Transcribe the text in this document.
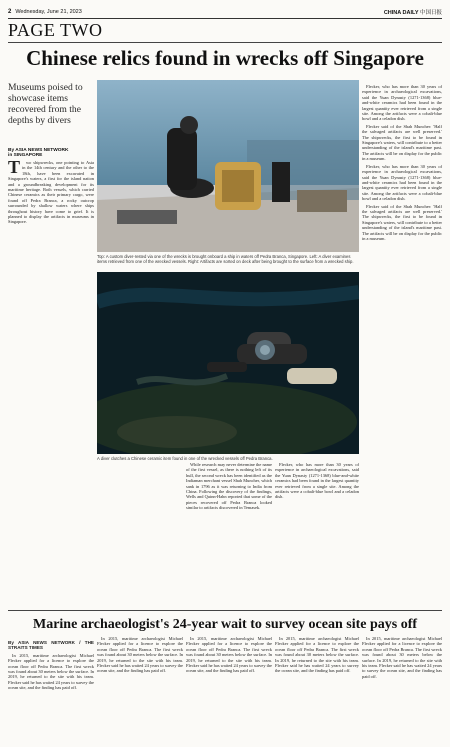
2 Wednesday, June 21, 2023	CHINA DAILY 中国日报
PAGE TWO
Chinese relics found in wrecks off Singapore
Museums poised to showcase items recovered from the depths by divers
By ASIA NEWS NETWORK
in SINGAPORE
T	wo shipwrecks, one pointing to Asia in the 14th century and the other to the 18th, have been excavated in Singapore's waters, a first for the island nation and a groundbreaking development for its maritime heritage. Both vessels, which carried Chinese ceramics as their primary cargo, were found off Pedra Branca, a rocky outcrop surrounded by shallow waters where ships throughout history have come to grief. It is planned to display the artifacts in museums in Singapore.

While research may never determine the name of the first vessel, as there is nothing left of its hull, the second wreck has been identified as the Indiaman merchant vessel Shah Muncher, which sank in 1796 as it was returning to India from China. Following the discovery of the findings, Wells and Quinn-Hahn reported that some of the pieces recovered off Pedra Branca looked similar to artifacts discovered in Temasek.

Flecker, who has more than 30 years of experience in archaeological excavations, said the Yuan Dynasty (1271-1368) blue-and-white ceramics had been found in the largest quantity ever retrieved from a single site. Among the artifacts were a cobalt-blue bowl and a celadon dish.

Flecker, who has more than 30 years of experience in archaeological excavations, said the Yuan Dynasty (1271-1368) blue-and-white ceramics had been found in the largest quantity ever retrieved from a single site. Among the artifacts were a cobalt-blue bowl and a celadon dish.

Flecker said of the Shah Muncher: 'Half the salvaged artifacts are well preserved.' The shipwrecks, the first to be found in Singapore's waters, will contribute to a better understanding of the island's maritime past. The artifacts will be on display for the public in a museum.

Flecker, who has more than 30 years of experience in archaeological excavations, said the Yuan Dynasty (1271-1368) blue-and-white ceramics had been found in the largest quantity ever retrieved from a single site. Among the artifacts were a cobalt-blue bowl and a celadon dish.

Flecker said of the Shah Muncher: 'Half the salvaged artifacts are well preserved.' The shipwrecks, the first to be found in Singapore's waters, will contribute to a better understanding of the island's maritime past. The artifacts will be on display for the public in a museum.

Top: A custom diver-rested via one of the wrecks is brought onboard a ship in waters off Pedra Branca, Singapore. Left: A diver examines items retrieved from one of the wrecked vessels. Right: Artifacts are sorted on deck after being brought to the surface from a wrecked ship.
A diver clutches a Chinese ceramic item found in one of the wrecked vessels off Pedra Branca.
Marine archaeologist's 24-year wait to survey ocean site pays off
By ASIA NEWS NETWORK / THE STRAITS TIMES

In 2015, maritime archaeologist Michael Flecker applied for a licence to explore the ocean floor off Pedra Branca. The first wreck was found about 30 meters below the surface. In 2019, he returned to the site with his team. Flecker said he has waited 24 years to survey the ocean site, and the finding has paid off.

In 2015, maritime archaeologist Michael Flecker applied for a licence to explore the ocean floor off Pedra Branca. The first wreck was found about 30 meters below the surface. In 2019, he returned to the site with his team. Flecker said he has waited 24 years to survey the ocean site, and the finding has paid off.

In 2015, maritime archaeologist Michael Flecker applied for a licence to explore the ocean floor off Pedra Branca. The first wreck was found about 30 meters below the surface. In 2019, he returned to the site with his team. Flecker said he has waited 24 years to survey the ocean site, and the finding has paid off.

In 2015, maritime archaeologist Michael Flecker applied for a licence to explore the ocean floor off Pedra Branca. The first wreck was found about 30 meters below the surface. In 2019, he returned to the site with his team. Flecker said he has waited 24 years to survey the ocean site, and the finding has paid off.

In 2015, maritime archaeologist Michael Flecker applied for a licence to explore the ocean floor off Pedra Branca. The first wreck was found about 30 meters below the surface. In 2019, he returned to the site with his team. Flecker said he has waited 24 years to survey the ocean site, and the finding has paid off.
